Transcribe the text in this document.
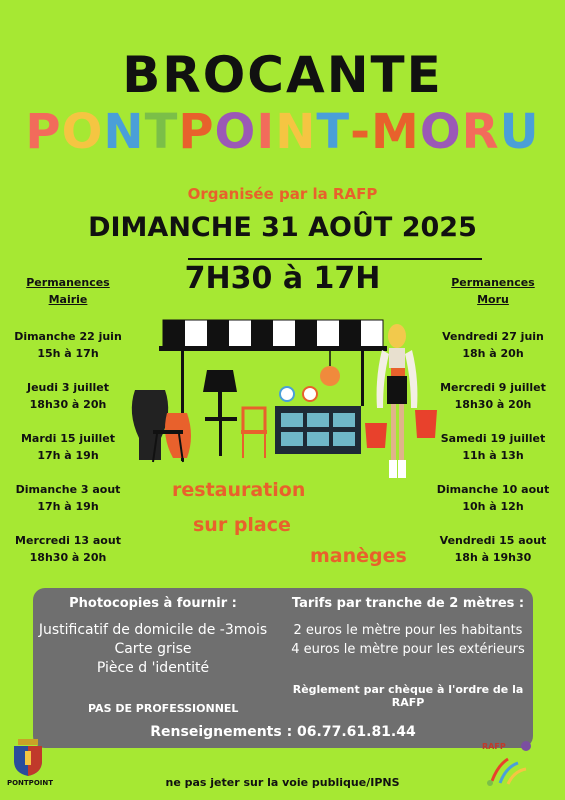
BROCANTE
PONTPOINT-MORU
Organisée par la RAFP
DIMANCHE 31 AOÛT 2025
7H30 à 17H
Permanences
Mairie
Dimanche 22 juin
15h à 17h
Jeudi 3 juillet
18h30 à 20h
Mardi 15 juillet
17h à 19h
Dimanche 3 aout
17h à 19h
Mercredi 13 aout
18h30 à 20h
Permanences
Moru
Vendredi 27 juin
18h à 20h
Mercredi 9 juillet
18h30 à 20h
Samedi 19 juillet
11h à 13h
Dimanche 10 aout
10h à 12h
Vendredi 15 aout
18h à 19h30
restauration
sur place
manèges
Photocopies à fournir :
Justificatif de domicile de -3mois
Carte grise
Pièce d 'identité
Tarifs par tranche de 2 mètres :
2 euros le mètre pour les habitants
4 euros le mètre pour les extérieurs
Règlement par chèque à l'ordre de la RAFP
PAS DE PROFESSIONNEL
Renseignements : 06.77.61.81.44
PONTPOINT	ne pas jeter sur la voie publique/IPNS
RAFP
